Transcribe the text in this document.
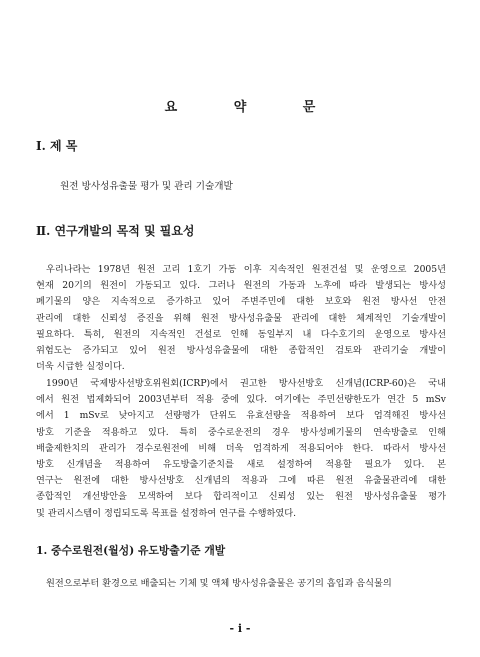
요 약 문
Ⅰ. 제 목
원전 방사성유출물 평가 및 관리 기술개발
Ⅱ. 연구개발의 목적 및 필요성
우리나라는 1978년 원전 고리 1호기 가동 이후 지속적인 원전건설 및 운영으로 2005년
현재 20기의 원전이 가동되고 있다. 그러나 원전의 가동과 노후에 따라 발생되는 방사성
폐기물의 양은 지속적으로 증가하고 있어 주변주민에 대한 보호와 원전 방사선 안전
관리에 대한 신뢰성 증진을 위해 원전 방사성유출물 관리에 대한 체계적인 기술개발이
필요하다. 특히, 원전의 지속적인 건설로 인해 동일부지 내 다수호기의 운영으로 방사선
위험도는 증가되고 있어 원전 방사성유출물에 대한 종합적인 검토와 관리기술 개발이
더욱 시급한 실정이다.
1990년 국제방사선방호위원회(ICRP)에서 권고한 방사선방호 신개념(ICRP-60)은 국내
에서 원전 법제화되어 2003년부터 적용 중에 있다. 여기에는 주민선량한도가 연간 5 mSv
에서 1 mSv로 낮아지고 선량평가 단위도 유효선량을 적용하여 보다 엄격해진 방사선
방호 기준을 적용하고 있다. 특히 중수로운전의 경우 방사성폐기물의 연속방출로 인해
배출제한치의 관리가 경수로원전에 비해 더욱 엄격하게 적용되어야 한다. 따라서 방사선
방호 신개념을 적용하여 유도방출기준치를 새로 설정하여 적용할 필요가 있다. 본
연구는 원전에 대한 방사선방호 신개념의 적용과 그에 따른 원전 유출물관리에 대한
종합적인 개선방안을 모색하여 보다 합리적이고 신뢰성 있는 원전 방사성유출물 평가
및 관리시스템이 정립되도록 목표를 설정하여 연구를 수행하였다.
1. 중수로원전(월성) 유도방출기준 개발
원전으로부터 환경으로 배출되는 기체 및 액체 방사성유출물은 공기의 흡입과 음식물의
- i -
